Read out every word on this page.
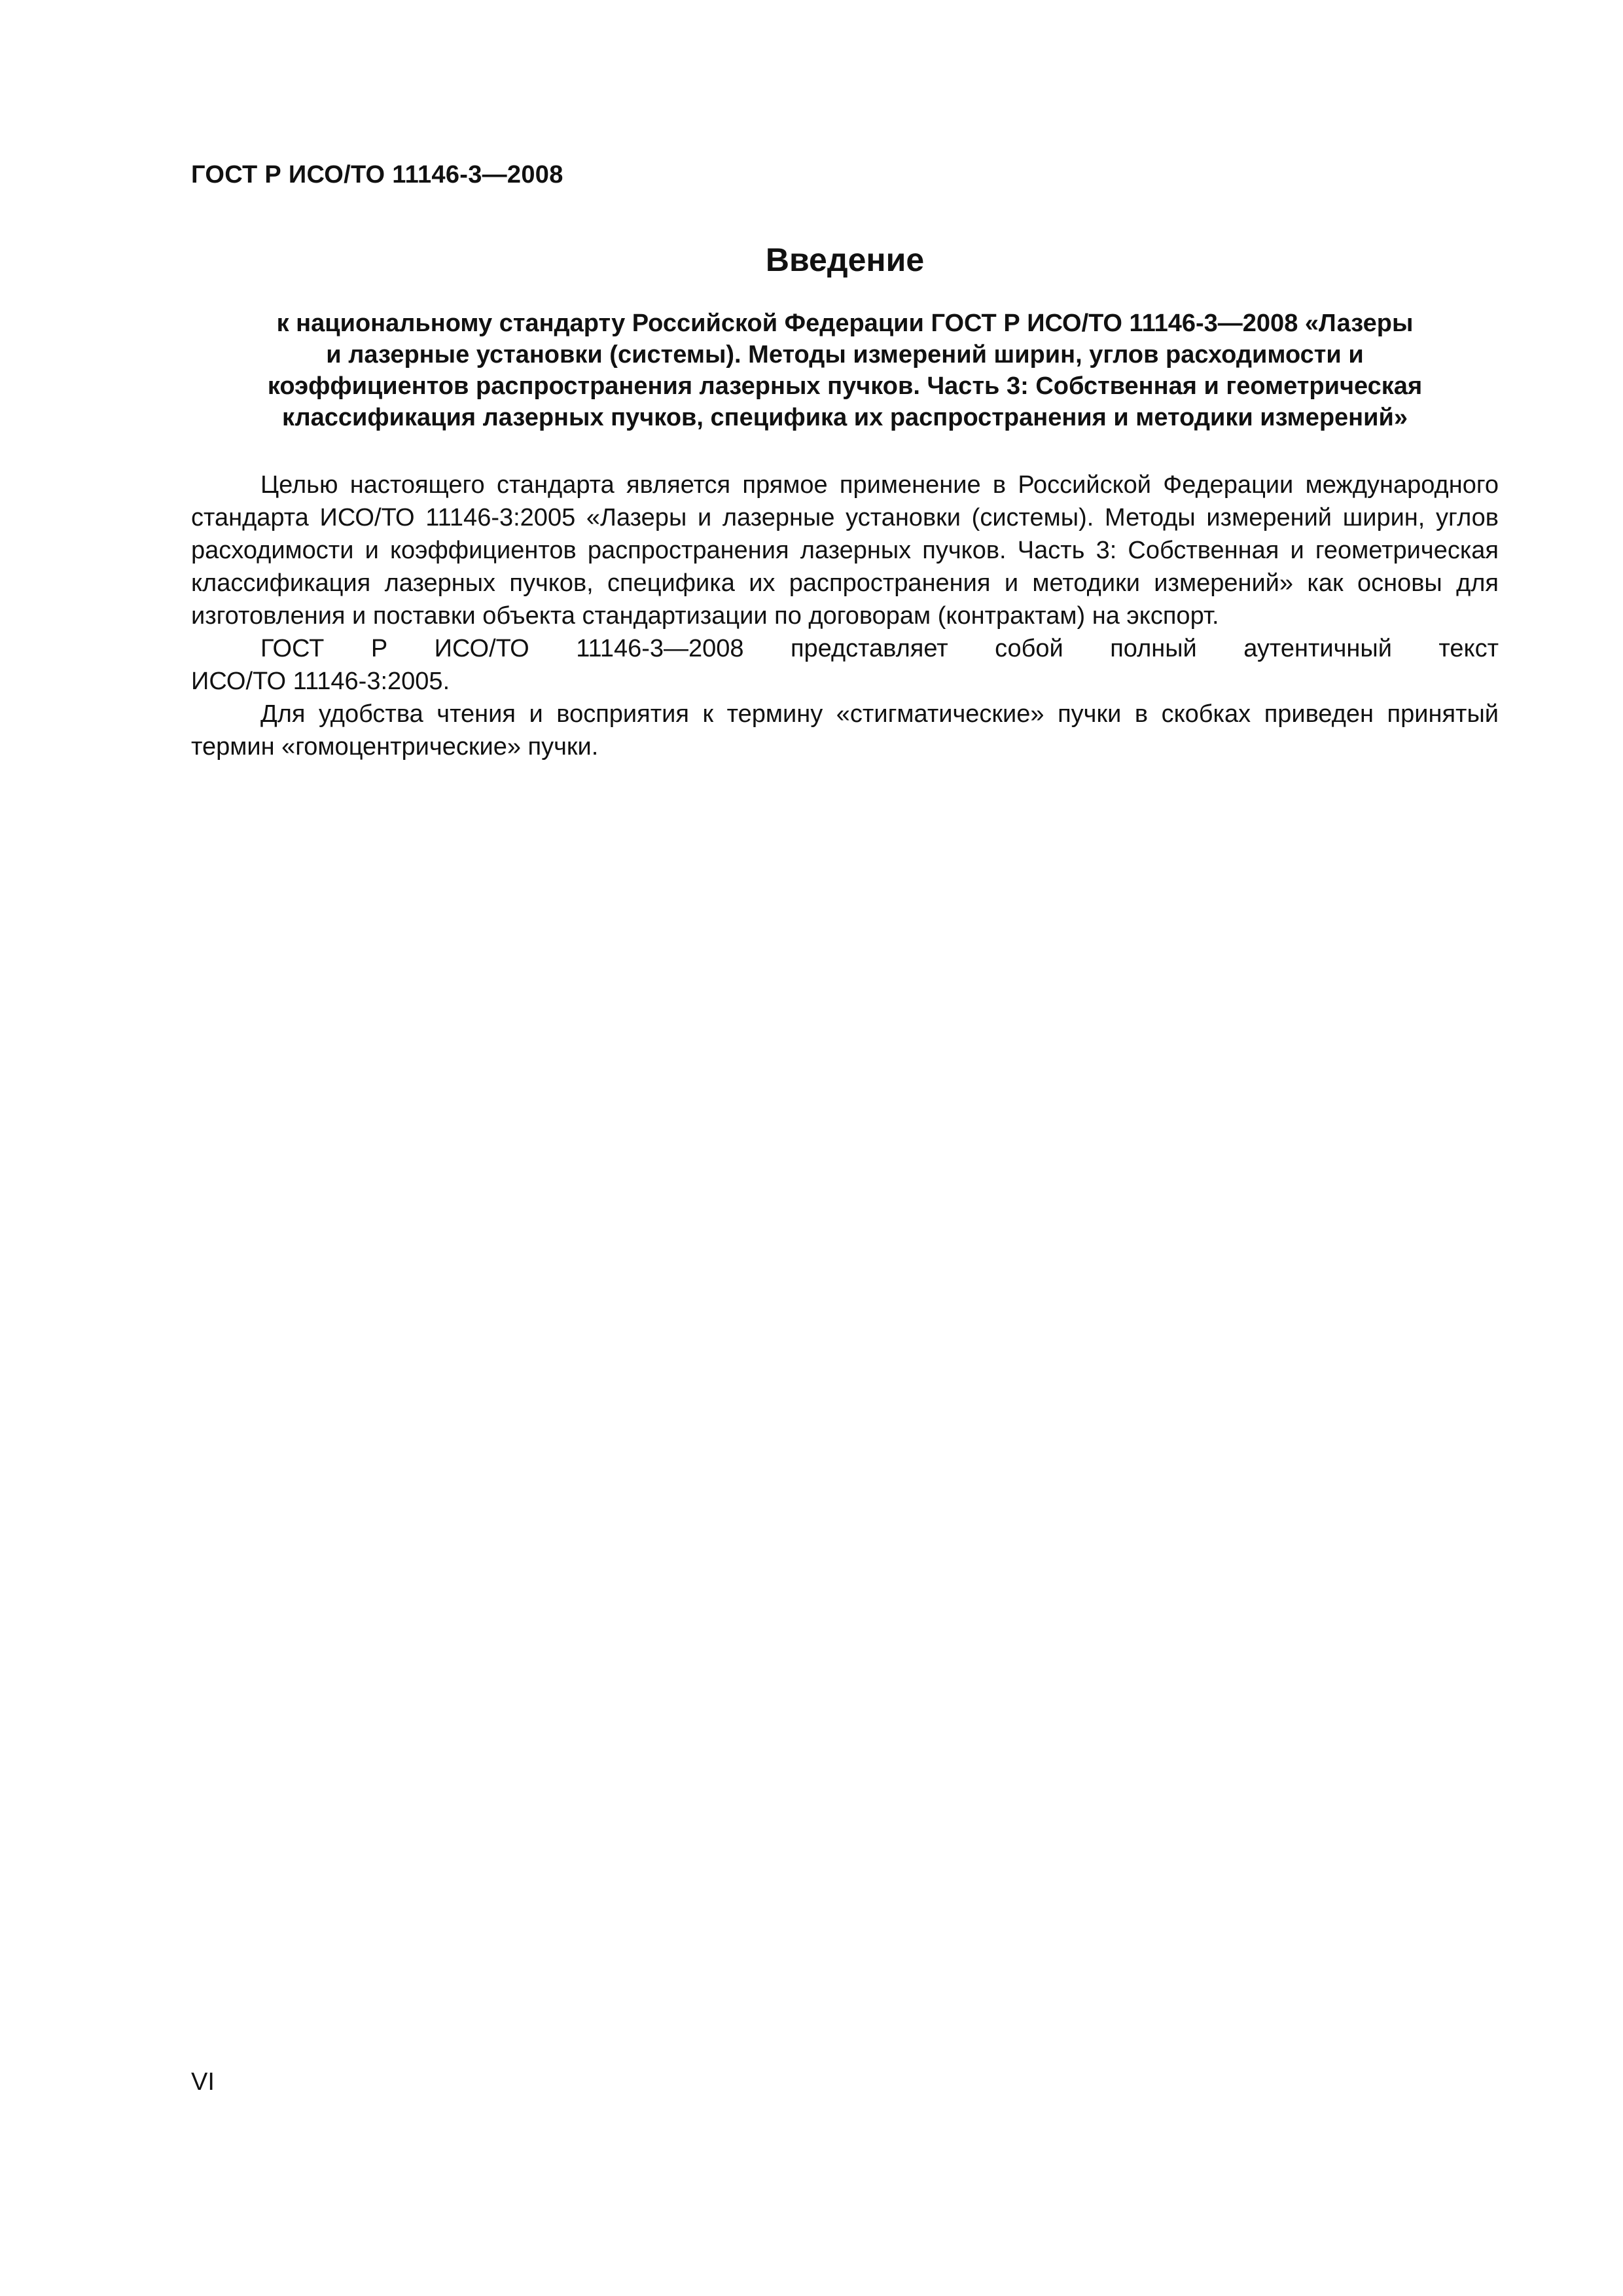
ГОСТ Р ИСО/ТО 11146-3—2008
Введение
к национальному стандарту Российской Федерации ГОСТ Р ИСО/ТО 11146-3—2008 «Лазеры
и лазерные установки (системы). Методы измерений ширин, углов расходимости и
коэффициентов распространения лазерных пучков. Часть 3: Собственная и геометрическая
классификация лазерных пучков, специфика их распространения и методики измерений»

Целью настоящего стандарта является прямое применение в Российской Федерации международного стандарта ИСО/ТО 11146-3:2005 «Лазеры и лазерные установки (системы). Методы измерений ширин, углов расходимости и коэффициентов распространения лазерных пучков. Часть 3: Собственная и геометрическая классификация лазерных пучков, специфика их распространения и методики измерений» как основы для изготовления и поставки объекта стандартизации по договорам (контрактам) на экспорт.

ГОСТ Р ИСО/ТО 11146-3—2008 представляет собой полный аутентичный текст
ИСО/ТО 11146-3:2005.

Для удобства чтения и восприятия к термину «стигматические» пучки в скобках приведен принятый термин «гомоцентрические» пучки.

VI
